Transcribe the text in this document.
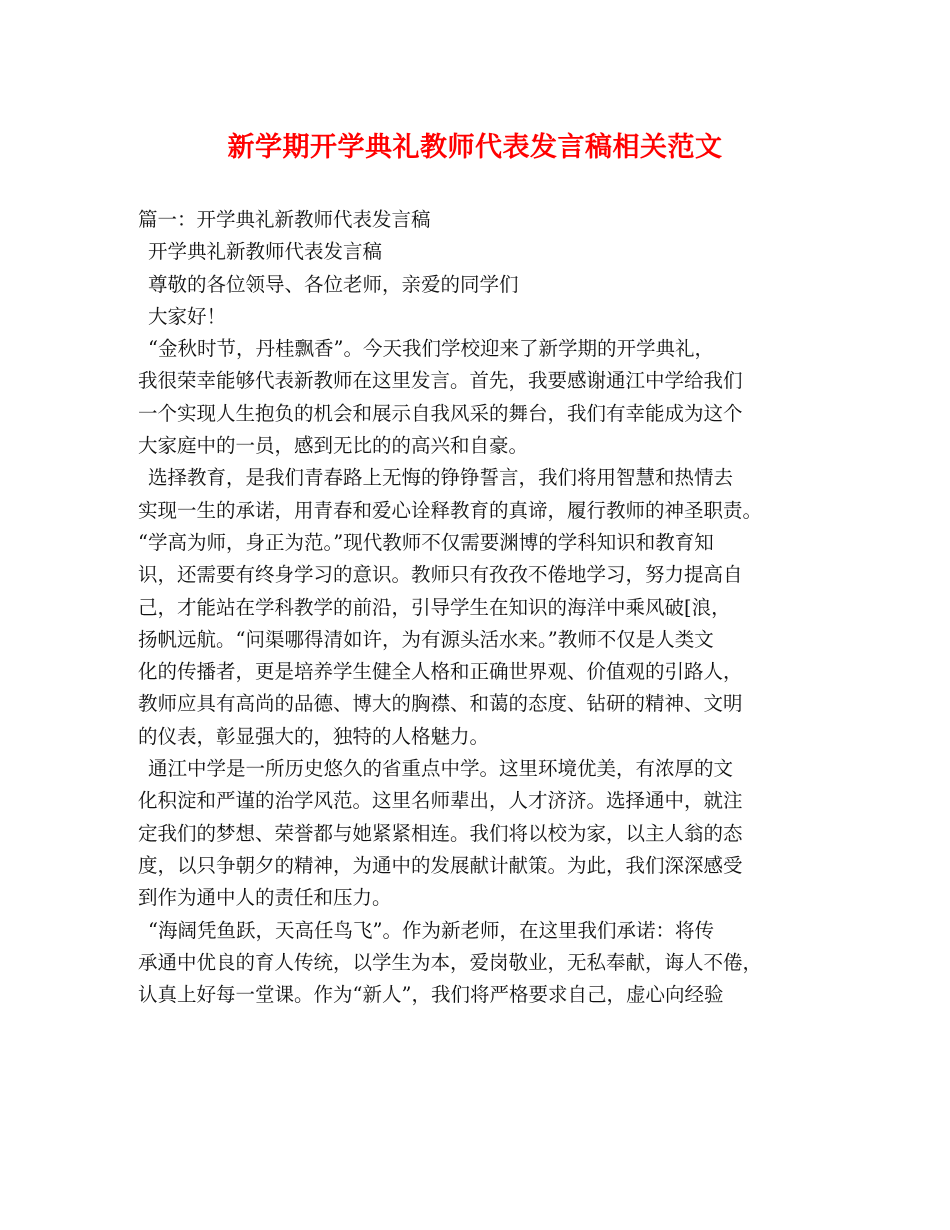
新学期开学典礼教师代表发言稿相关范文
篇一：开学典礼新教师代表发言稿
开学典礼新教师代表发言稿
尊敬的各位领导、各位老师，亲爱的同学们
大家好！
“金秋时节，丹桂飘香”。今天我们学校迎来了新学期的开学典礼，
我很荣幸能够代表新教师在这里发言。首先，我要感谢通江中学给我们
一个实现人生抱负的机会和展示自我风采的舞台，我们有幸能成为这个
大家庭中的一员，感到无比的的高兴和自豪。
选择教育，是我们青春路上无悔的铮铮誓言，我们将用智慧和热情去
实现一生的承诺，用青春和爱心诠释教育的真谛，履行教师的神圣职责。
“学高为师，身正为范。”现代教师不仅需要渊博的学科知识和教育知
识，还需要有终身学习的意识。教师只有孜孜不倦地学习，努力提高自
己，才能站在学科教学的前沿，引导学生在知识的海洋中乘风破[浪，
扬帆远航。“问渠哪得清如许，为有源头活水来。”教师不仅是人类文
化的传播者，更是培养学生健全人格和正确世界观、价值观的引路人，
教师应具有高尚的品德、博大的胸襟、和蔼的态度、钻研的精神、文明
的仪表，彰显强大的，独特的人格魅力。
通江中学是一所历史悠久的省重点中学。这里环境优美，有浓厚的文
化积淀和严谨的治学风范。这里名师辈出，人才济济。选择通中，就注
定我们的梦想、荣誉都与她紧紧相连。我们将以校为家，以主人翁的态
度，以只争朝夕的精神，为通中的发展献计献策。为此，我们深深感受
到作为通中人的责任和压力。
“海阔凭鱼跃，天高任鸟飞”。作为新老师，在这里我们承诺：将传
承通中优良的育人传统，以学生为本，爱岗敬业，无私奉献，诲人不倦，
认真上好每一堂课。作为“新人”，我们将严格要求自己，虚心向经验
